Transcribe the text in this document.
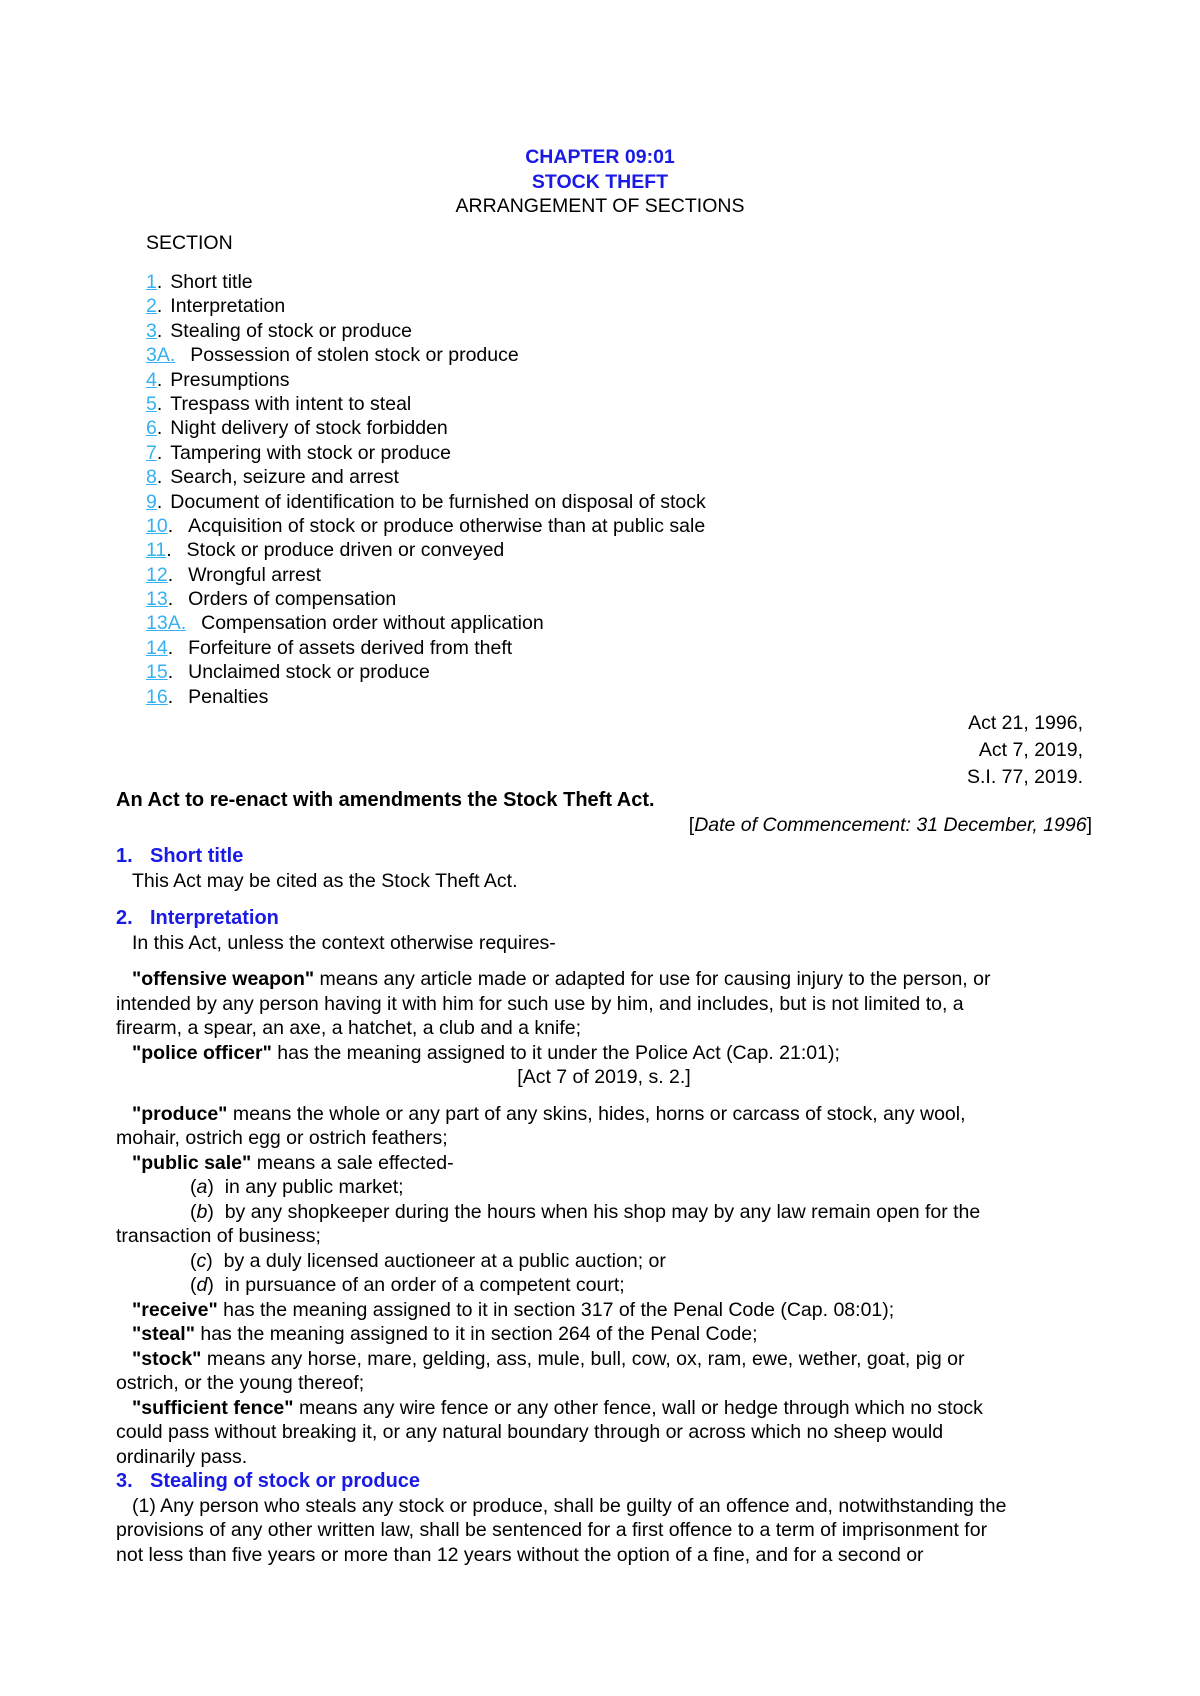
CHAPTER 09:01
STOCK THEFT
ARRANGEMENT OF SECTIONS
SECTION
1. Short title
2. Interpretation
3. Stealing of stock or produce
3A. Possession of stolen stock or produce
4. Presumptions
5. Trespass with intent to steal
6. Night delivery of stock forbidden
7. Tampering with stock or produce
8. Search, seizure and arrest
9. Document of identification to be furnished on disposal of stock
10. Acquisition of stock or produce otherwise than at public sale
11. Stock or produce driven or conveyed
12. Wrongful arrest
13. Orders of compensation
13A. Compensation order without application
14. Forfeiture of assets derived from theft
15. Unclaimed stock or produce
16. Penalties
Act 21, 1996,
Act 7, 2019,
S.I. 77, 2019.
An Act to re-enact with amendments the Stock Theft Act.
[Date of Commencement: 31 December, 1996]
1. Short title
This Act may be cited as the Stock Theft Act.
2. Interpretation
In this Act, unless the context otherwise requires-
"offensive weapon" means any article made or adapted for use for causing injury to the person, or
intended by any person having it with him for such use by him, and includes, but is not limited to, a
firearm, a spear, an axe, a hatchet, a club and a knife;
"police officer" has the meaning assigned to it under the Police Act (Cap. 21:01);
[Act 7 of 2019, s. 2.]
"produce" means the whole or any part of any skins, hides, horns or carcass of stock, any wool,
mohair, ostrich egg or ostrich feathers;
"public sale" means a sale effected-
(a)  in any public market;
(b)  by any shopkeeper during the hours when his shop may by any law remain open for the
transaction of business;
(c)  by a duly licensed auctioneer at a public auction; or
(d)  in pursuance of an order of a competent court;
"receive" has the meaning assigned to it in section 317 of the Penal Code (Cap. 08:01);
"steal" has the meaning assigned to it in section 264 of the Penal Code;
"stock" means any horse, mare, gelding, ass, mule, bull, cow, ox, ram, ewe, wether, goat, pig or
ostrich, or the young thereof;
"sufficient fence" means any wire fence or any other fence, wall or hedge through which no stock
could pass without breaking it, or any natural boundary through or across which no sheep would
ordinarily pass.
3. Stealing of stock or produce
(1) Any person who steals any stock or produce, shall be guilty of an offence and, notwithstanding the
provisions of any other written law, shall be sentenced for a first offence to a term of imprisonment for
not less than five years or more than 12 years without the option of a fine, and for a second or
